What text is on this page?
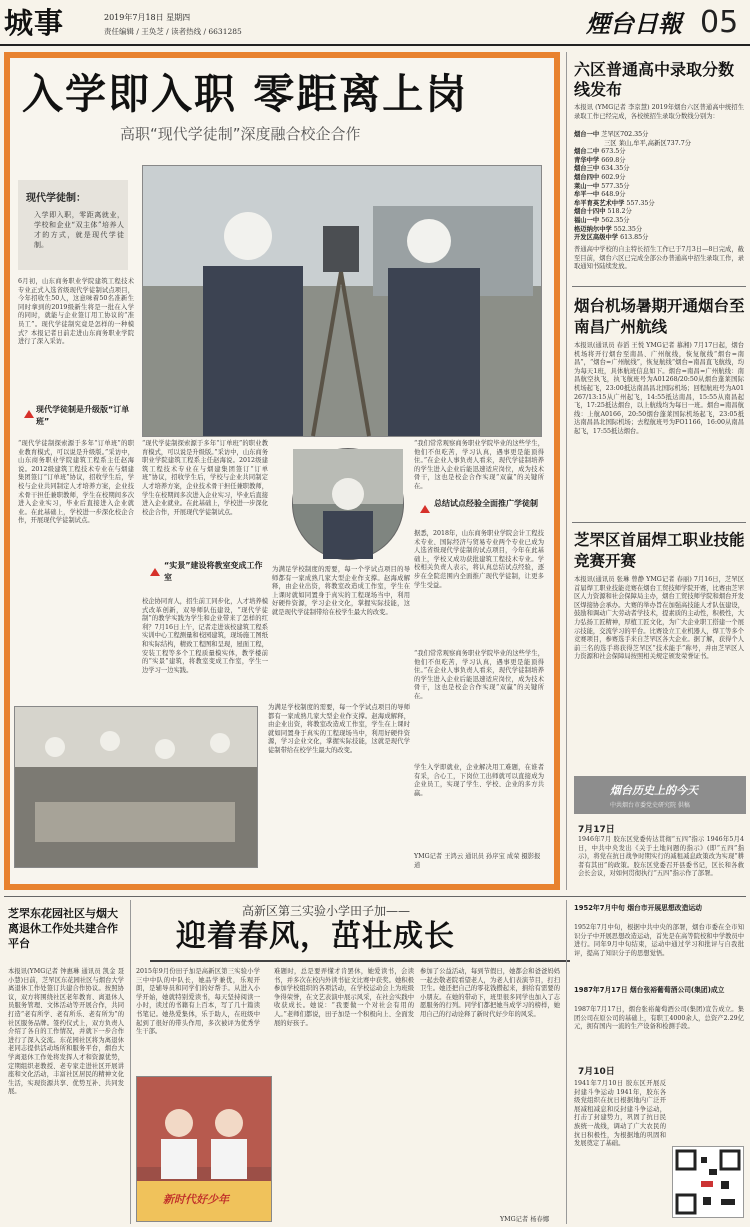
城事	2019年7月18日 星期四
责任编辑 / 王奂芝 / 读者热线 / 6631285	煙台日報 05
入学即入职 零距离上岗
高职“现代学徒制”深度融合校企合作
现代学徒制：
入学即入职，零距离就业，学校和企业“双主体”培养人才的方式，就是现代学徒制。
6月初，山东商务职业学院建筑工程技术专业正式入选省级现代学徒制试点项目，今年招收生50人，这意味着50名准新生同时拿到的2019级新生将是一批在入学的同时，就能与企业签订用工协议的“准员工”。现代学徒制究竟是怎样的一种模式？本报记者日前走进山东商务职业学院进行了深入采访。
现代学徒制是升级版“订单班”
“现代学徒制探索源于多年“订单班”的职业教育模式，可以说是升级版。”采访中，山东商务职业学院建筑工程系主任赵海说。2012级建筑工程技术专业在与烟建集团签订“订单班”协议，招收学生后，学校与企业共同制定人才培养方案，企业技术骨干担任兼职教师，学生在校期间多次进入企业实习，毕业后直接进入企业就业。在此基础上，学校进一步深化校企合作，开展现代学徒制试点。
“现代学徒制探索源于多年“订单班”的职业教育模式，可以说是升级版。”采访中，山东商务职业学院建筑工程系主任赵海说。2012级建筑工程技术专业在与烟建集团签订“订单班”协议，招收学生后，学校与企业共同制定人才培养方案，企业技术骨干担任兼职教师，学生在校期间多次进入企业实习，毕业后直接进入企业就业。在此基础上，学校进一步深化校企合作，开展现代学徒制试点。
“实景”建设将教室变成工作室
校企协同育人，招生前工同步化，人才培养模式改革创新，双导师队伍建设，“现代学徒制”的教学实践为学生和企业带来了怎样的红利？7月16日上午，记者走进该校建筑工程系实训中心工程测量和校园建筑，现场施工图纸和实际结构，精致工程图和呈现，屋面工程，安装工程等多个工程质量模实体，教学楼前的“实景”建筑，将教室变成工作室，学生一边学习一边实践。
为满足学校制度的需要，每一个学试点项目的导师都有一家成熟几家大型企业作支撑。赵海成解释，由企业出资，将教室改造成工作室，学生在上课时就如同置身于真实的工程现场当中，利用好硬件资源，学习企业文化，掌握实际技能，这就是现代学徒制带给在校学生最大的改变。
为满足学校制度的需要，每一个学试点项目的导师都有一家成熟几家大型企业作支撑。赵海成解释，由企业出资，将教室改造成工作室，学生在上课时就如同置身于真实的工程现场当中，利用好硬件资源，学习企业文化，掌握实际技能，这就是现代学徒制带给在校学生最大的改变。
“我们常常观察商务职业学院毕业的这些学生，他们不但吃苦，学习认真，遇事更是能顶得住。”在企业人事负责人看来，现代学徒制培养的学生进入企业后能迅速适应岗位，成为技术骨干，这也是校企合作实现“双赢”的关键所在。
总结试点经验全面推广学徒制
据悉，2018年，山东商务职业学院会计工程技术专业、国际经济与贸易专业两个专业已成为人选省级现代学徒制的试点项目，今年在此基础上，学校又成功获批建筑工程技术专业。学校相关负责人表示，将认真总结试点经验，逐步在全院范围内全面推广现代学徒制，让更多学生受益。
“我们常常观察商务职业学院毕业的这些学生，他们不但吃苦，学习认真，遇事更是能顶得住。”在企业人事负责人看来，现代学徒制培养的学生进入企业后能迅速适应岗位，成为技术骨干，这也是校企合作实现“双赢”的关键所在。
学生入学即就业，企业解决用工难题，在谁者有采，合心工，下岗位工出师就可以直接成为企业员工，实现了学生、学校、企业的多方共赢。
YMG记者 王鸿云 通讯员 孙序宝 成荣 摄影报道
六区普通高中录取分数线发布
本报讯 (YMG记者 李京慧) 2019年烟台六区普通高中统招生录取工作已经完成，各校统招生录取分数线分别为：
烟台一中 芝罘区702.35分
三区 莱山,牟平,高新区737.7分
烟台二中 673.5分
青华中学 669.8分
烟台三中 634.35分
烟台四中 602.9分
莱山一中 577.35分
牟平一中 648.9分
牟平育英艺术中学 557.35分
烟台十四中 518.2分
福山一中 562.35分
格迈纳尔中学 552.35分
开发区高级中学 613.85分
普通高中学校的自主特长招生工作已于7月3日—8日完成，截至目前，烟台六区已完成全部公办普通高中招生录取工作，录取通知书陆续发放。
烟台机场暑期开通烟台至南昌广州航线
本报讯(通讯员 春滔 王悦 YMG记者 慕湘) 7月17日起，烟台机场将开行烟台至南昌、广州航线，恢复航线“烟台=南昌”，“烟台=广州航线”，恢复航线“烟台=南昌直飞航线，均为每天1班，具体航班信息如下。烟台=南昌=广州航线：南昌航空执飞，执飞航班号为A01268/20:50从烟台蓬莱国际机场起飞，23:00抵达南昌昌北国际机场；回程航班号为A01267/13:15从广州起飞，14:55抵达南昌，15:55从南昌起飞，17:25抵达烟台，以上航线均为每日一班。烟台=南昌航线：上航A0166，20:50烟台蓬莱国际机场起飞，23:05抵达南昌昌北国际机场；去程航班号为FO1166，16:00从南昌起飞，17:55抵达烟台。
芝罘区首届焊工职业技能竞赛开赛
本报讯(通讯员 张琳 曾静 YMG记者 春丽) 7月16日，芝罘区首届焊工职业技能竞赛在烟台工贸技师学院开赛，比赛由芝罘区人力资源和社会保障局主办，烟台工贸技师学院和烟台开发区焊接协会承办。大赛的举办旨在加强高技能人才队伍建设，鼓励和调动广大劳动者学技术，提素质的主动性，积极性，大力弘扬工匠精神，厚植工匠文化，为广大企业职工搭建一个展示技能，交流学习的平台。比赛设立工业机器人，焊工等多个竞赛项目，参赛选手来自芝罘区各大企业。据了解，获得个人前三名的选手将获得芝罘区“技术能手”称号，并由芝罘区人力资源和社会保障局按照相关规定颁发荣誉证书。
烟台历史上的今天
中共烟台市委党史研究院 供稿
7月17日
1946年7月 胶东区党委传达贯彻“五四”指示 1946年5月4日，中共中央发出《关于土地问题的指示》(即“五四”指示)，将党在抗日战争时期实行的减租减息政策改为实现“耕者有其田”的政策。胶东区党委召开县委书记，区长和各救会长会议，对如何贯彻执行“五四”指示作了部署。
芝罘东花园社区与烟大离退休工作处共建合作平台
本报讯(YMG记者 钟惠琳 通讯员 凯金 聂小慧)日前，芝罘区东花园社区与烟台大学离退休工作处签订共建合作协议。按照协议，双方将围绕社区老年教育、离退休人员服务管理、文体活动等开展合作，共同打造“老有所学、老有所乐、老有所为”的社区服务品牌。签约仪式上，双方负责人介绍了各自的工作情况，并就下一步合作进行了深入交流。东花园社区将为离退休老同志提供活动场所和服务平台，烟台大学离退休工作处将发挥人才和资源优势，定期组织老教授、老专家走进社区开展讲座和文化活动，丰富社区居民的精神文化生活，实现资源共享、优势互补、共同发展。
高新区第三实验小学田子加——
迎着春风，茁壮成长
2015年9月份田子加是高新区第三实验小学三中中队的中队长，她品学兼优，乐观开朗，是辅导员和同学们的好帮手。从进入小学开始，她就特别爱读书，每天坚持阅读一小时，读过的书籍有上百本，写了几十篇读书笔记。她热爱集体，乐于助人，在班级中起到了很好的带头作用，多次被评为优秀学生干部。
新时代好少年
难题时，总是要弄懂才肯罢休，她爱读书，会读书，并多次在校内外读书征文比赛中获奖。她积极参加学校组织的各项活动，在学校运动会上为班级争得荣誉，在文艺表演中展示风采，在社会实践中收获成长。她说：“我要做一个对社会有用的人。”老师们都说，田子加是一个积极向上、全面发展的好孩子。
参加了公益活动，每到节假日，她都会和爸爸妈妈一起去敬老院看望老人，为老人们表演节目，打扫卫生。她还把自己的零花钱攒起来，捐给有需要的小朋友。在她的带动下，班里很多同学也加入了志愿服务的行列。同学们都把她当成学习的榜样，她用自己的行动诠释了新时代好少年的风采。
YMG记者 杨春娜
1952年7月中旬 烟台市开展思想改造运动
1952年7月中旬，根据中共中央的部署，烟台市委在全市知识分子中开展思想改造运动，首先是在高等院校和中学教员中进行。同年9月中旬结束，运动中通过学习和批评与自我批评，提高了知识分子的思想觉悟。
1987年7月17日 烟台张裕葡萄酒公司(集团)成立
1987年7月17日，烟台张裕葡萄酒公司(集团)宣告成立。集团公司在原公司的基础上，有职工4000余人，总资产2.29亿元，拥有国内一流的生产设备和检测手段。
7月10日
1941年7月10日 胶东区开展反封建斗争运动 1941年，胶东各级党组织在抗日根据地内广泛开展减租减息和反封建斗争运动，打击了封建势力，巩固了抗日民族统一战线，调动了广大农民的抗日积极性，为根据地的巩固和发展奠定了基础。
